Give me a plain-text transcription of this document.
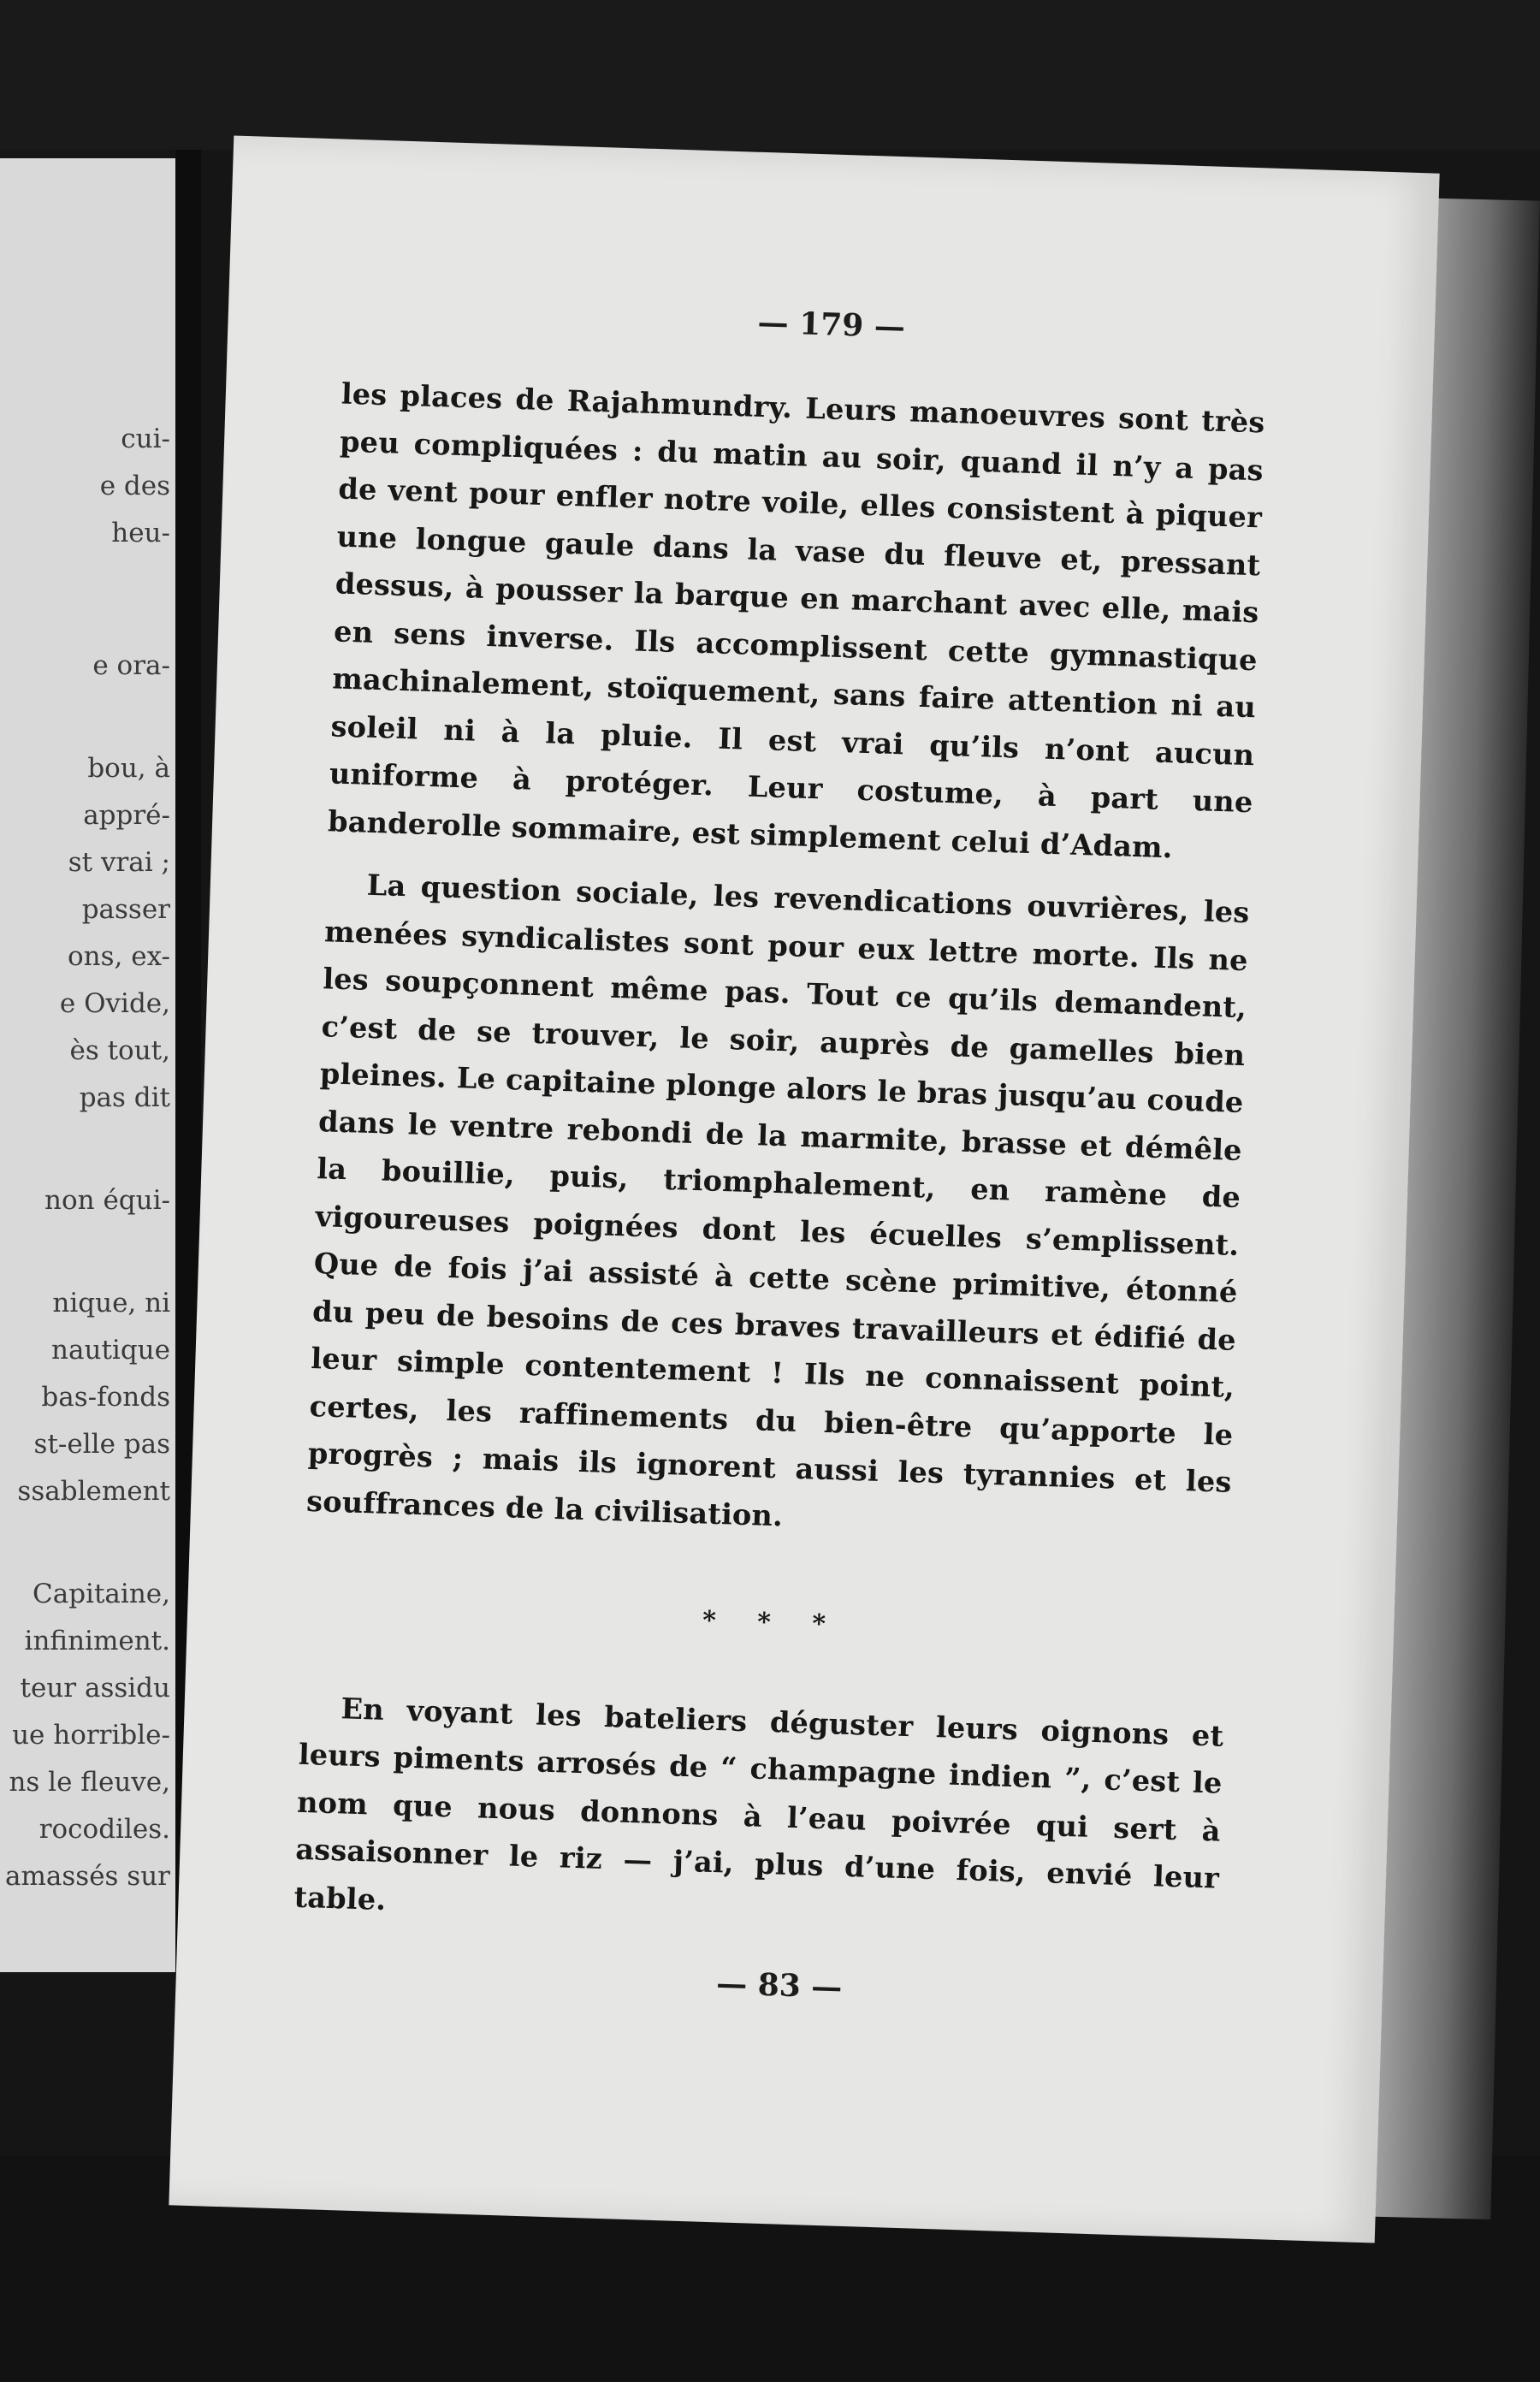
cui-
e des
heu-
e ora-
bou, à
appré-
st vrai ;
passer
ons, ex-
e Ovide,
ès tout,
pas dit
non équi-
nique, ni
nautique
bas-fonds
st-elle pas
ssablement
Capitaine,
infiniment.
teur assidu
ue horrible-
ns le fleuve,
rocodiles.
amassés sur
— 179 —

les places de Rajahmundry. Leurs manoeuvres sont très peu compliquées : du matin au soir, quand il n’y a pas de vent pour enfler notre voile, elles consistent à piquer une longue gaule dans la vase du fleuve et, pressant dessus, à pousser la barque en marchant avec elle, mais en sens inverse. Ils accomplissent cette gymnastique machinalement, stoïquement, sans faire attention ni au soleil ni à la pluie. Il est vrai qu’ils n’ont aucun uniforme à protéger. Leur costume, à part une banderolle sommaire, est simplement celui d’Adam.

La question sociale, les revendications ouvrières, les menées syndicalistes sont pour eux lettre morte. Ils ne les soupçonnent même pas. Tout ce qu’ils demandent, c’est de se trouver, le soir, auprès de gamelles bien pleines. Le capitaine plonge alors le bras jusqu’au coude dans le ventre rebondi de la marmite, brasse et démêle la bouillie, puis, triomphalement, en ramène de vigoureuses poignées dont les écuelles s’emplissent. Que de fois j’ai assisté à cette scène primitive, étonné du peu de besoins de ces braves travailleurs et édifié de leur simple contentement ! Ils ne connaissent point, certes, les raffinements du bien-être qu’apporte le progrès ; mais ils ignorent aussi les tyrannies et les souffrances de la civilisation.

* * *

En voyant les bateliers déguster leurs oignons et leurs piments arrosés de “ champagne indien ”, c’est le nom que nous donnons à l’eau poivrée qui sert à assaisonner le riz — j’ai, plus d’une fois, envié leur table.

— 83 —
